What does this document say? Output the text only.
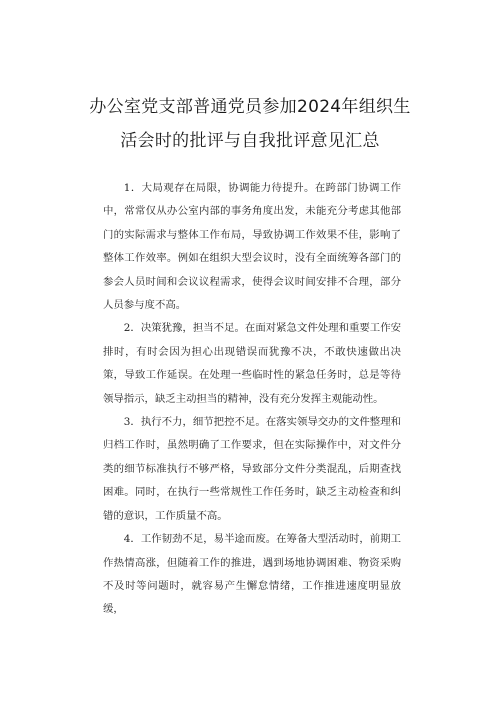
办公室党支部普通党员参加2024年组织生
活会时的批评与自我批评意见汇总

1．大局观存在局限，协调能力待提升。在跨部门协调工作中，常常仅从办公室内部的事务角度出发，未能充分考虑其他部门的实际需求与整体工作布局，导致协调工作效果不佳，影响了整体工作效率。例如在组织大型会议时，没有全面统筹各部门的参会人员时间和会议议程需求，使得会议时间安排不合理，部分人员参与度不高。

2．决策犹豫，担当不足。在面对紧急文件处理和重要工作安排时，有时会因为担心出现错误而犹豫不决，不敢快速做出决策，导致工作延误。在处理一些临时性的紧急任务时，总是等待领导指示，缺乏主动担当的精神，没有充分发挥主观能动性。

3．执行不力，细节把控不足。在落实领导交办的文件整理和归档工作时，虽然明确了工作要求，但在实际操作中，对文件分类的细节标准执行不够严格，导致部分文件分类混乱，后期查找困难。同时，在执行一些常规性工作任务时，缺乏主动检查和纠错的意识，工作质量不高。

4．工作韧劲不足，易半途而废。在筹备大型活动时，前期工作热情高涨，但随着工作的推进，遇到场地协调困难、物资采购不及时等问题时，就容易产生懈怠情绪，工作推进速度明显放缓，
